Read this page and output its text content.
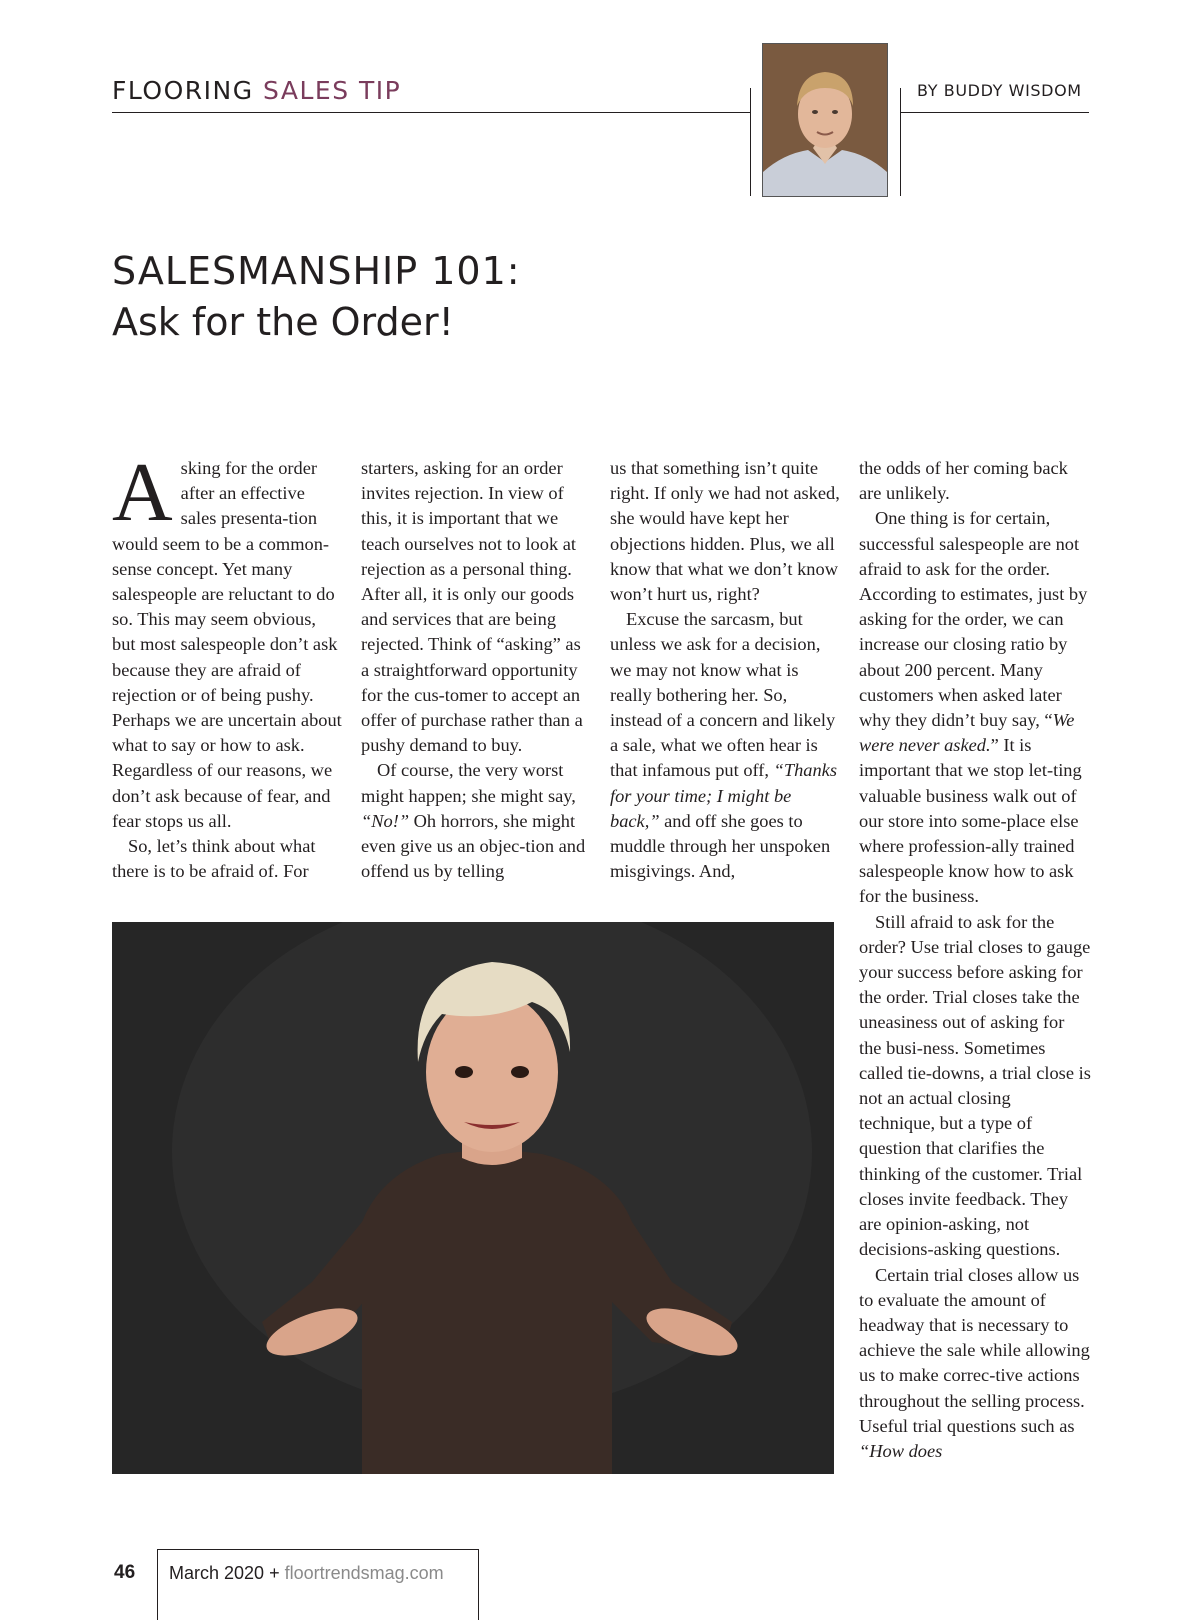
FLOORING SALES TIP	BY BUDDY WISDOM
SALESMANSHIP 101:
Ask for the Order!

Asking for the order after an effective sales presenta-tion would seem to be a common-sense concept. Yet many salespeople are reluctant to do so. This may seem obvious, but most salespeople don’t ask because they are afraid of rejection or of being pushy. Perhaps we are uncertain about what to say or how to ask. Regardless of our reasons, we don’t ask because of fear, and fear stops us all.

So, let’s think about what there is to be afraid of. For

starters, asking for an order invites rejection. In view of this, it is important that we teach ourselves not to look at rejection as a personal thing. After all, it is only our goods and services that are being rejected. Think of “asking” as a straightforward opportunity for the cus-tomer to accept an offer of purchase rather than a pushy demand to buy.

Of course, the very worst might happen; she might say, “No!” Oh horrors, she might even give us an objec-tion and offend us by telling

us that something isn’t quite right. If only we had not asked, she would have kept her objections hidden. Plus, we all know that what we don’t know won’t hurt us, right?

Excuse the sarcasm, but unless we ask for a decision, we may not know what is really bothering her. So, instead of a concern and likely a sale, what we often hear is that infamous put off, “Thanks for your time; I might be back,” and off she goes to muddle through her unspoken misgivings. And,

the odds of her coming back are unlikely.

One thing is for certain, successful salespeople are not afraid to ask for the order. According to estimates, just by asking for the order, we can increase our closing ratio by about 200 percent. Many customers when asked later why they didn’t buy say, “We were never asked.” It is important that we stop let-ting valuable business walk out of our store into some-place else where profession-ally trained salespeople know how to ask for the business.

Still afraid to ask for the order? Use trial closes to gauge your success before asking for the order. Trial closes take the uneasiness out of asking for the busi-ness. Sometimes called tie-downs, a trial close is not an actual closing technique, but a type of question that clarifies the thinking of the customer. Trial closes invite feedback. They are opinion-asking, not decisions-asking questions.

Certain trial closes allow us to evaluate the amount of headway that is necessary to achieve the sale while allowing us to make correc-tive actions throughout the selling process. Useful trial questions such as “How does

46 March 2020 + floortrendsmag.com
